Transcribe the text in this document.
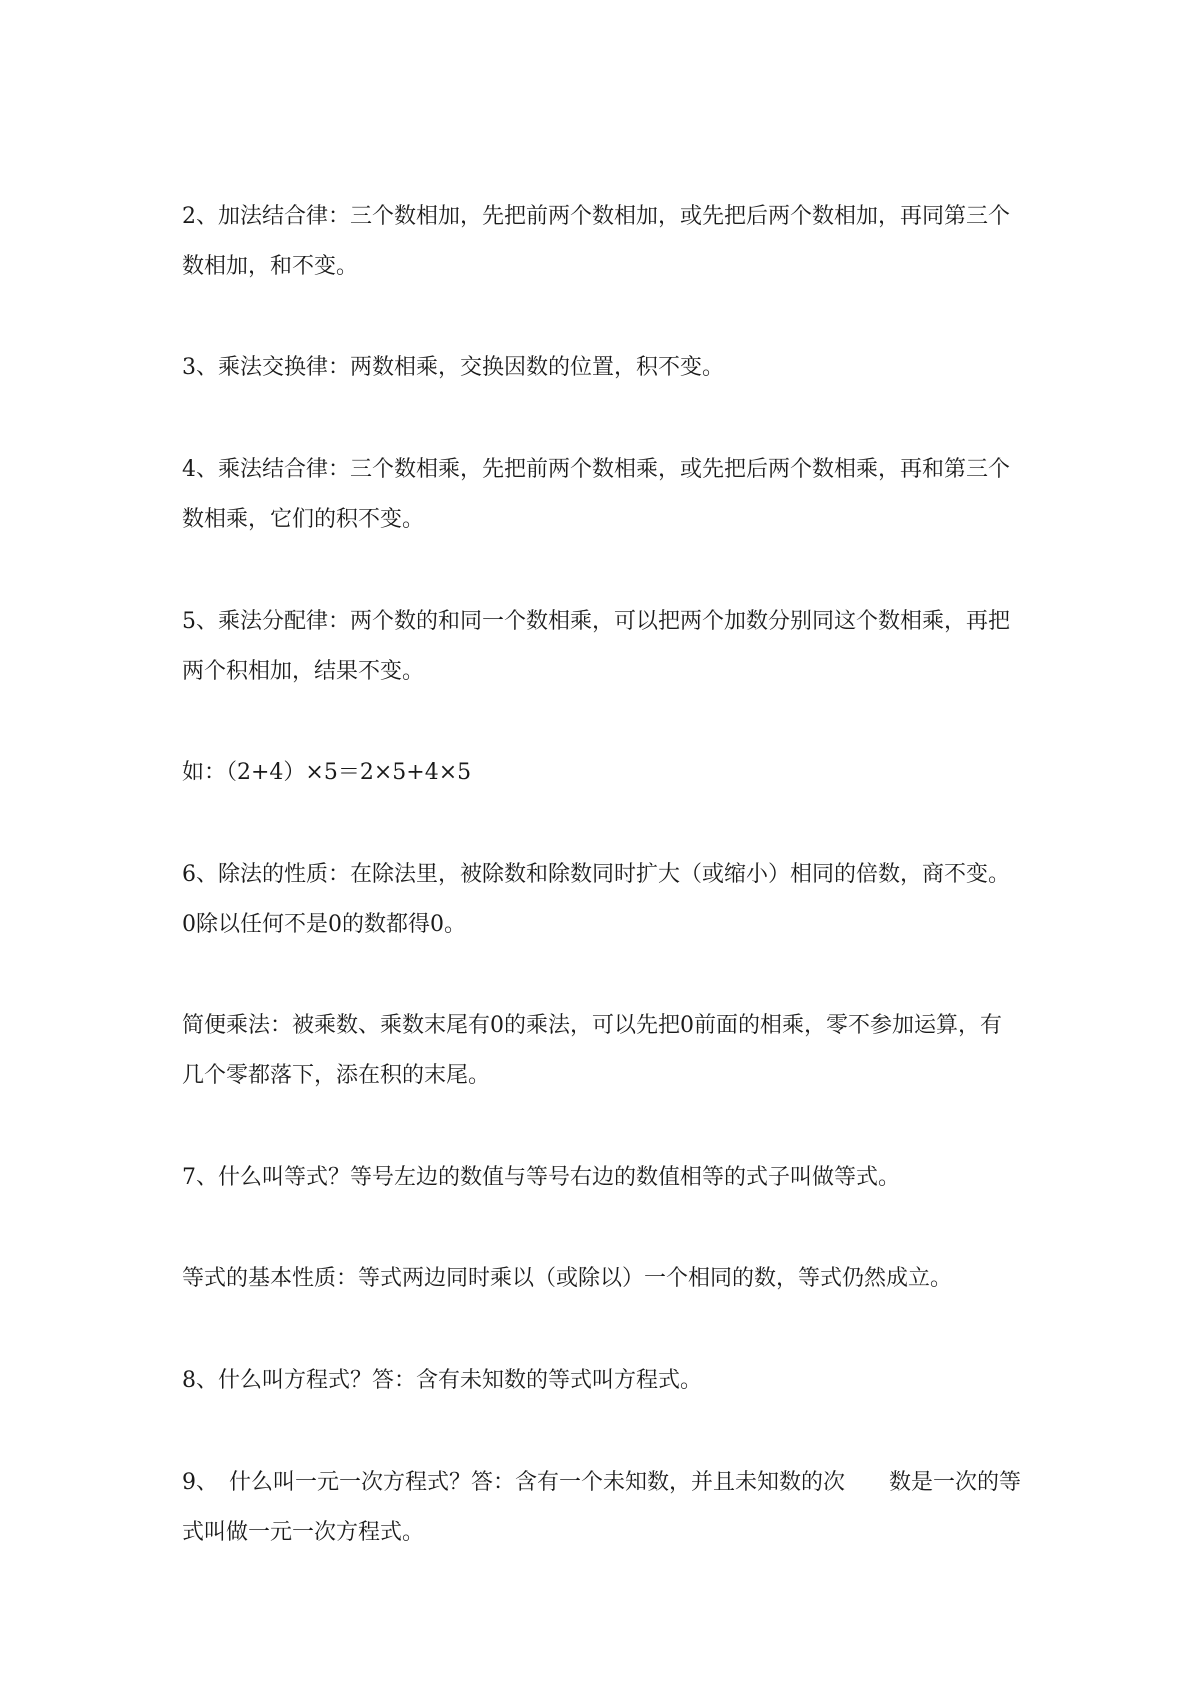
2、加法结合律：三个数相加，先把前两个数相加，或先把后两个数相加，再同第三个数相加，和不变。

3、乘法交换律：两数相乘，交换因数的位置，积不变。

4、乘法结合律：三个数相乘，先把前两个数相乘，或先把后两个数相乘，再和第三个数相乘，它们的积不变。

5、乘法分配律：两个数的和同一个数相乘，可以把两个加数分别同这个数相乘，再把两个积相加，结果不变。

如：（2+4）×5＝2×5+4×5

6、除法的性质：在除法里，被除数和除数同时扩大（或缩小）相同的倍数，商不变。　　0除以任何不是0的数都得0。

简便乘法：被乘数、乘数末尾有0的乘法，可以先把0前面的相乘，零不参加运算，有几个零都落下，添在积的末尾。

7、什么叫等式？等号左边的数值与等号右边的数值相等的式子叫做等式。

等式的基本性质：等式两边同时乘以（或除以）一个相同的数，等式仍然成立。

8、什么叫方程式？答：含有未知数的等式叫方程式。

9、　什么叫一元一次方程式？答：含有一个未知数，并且未知数的次　　数是一次的等式叫做一元一次方程式。
